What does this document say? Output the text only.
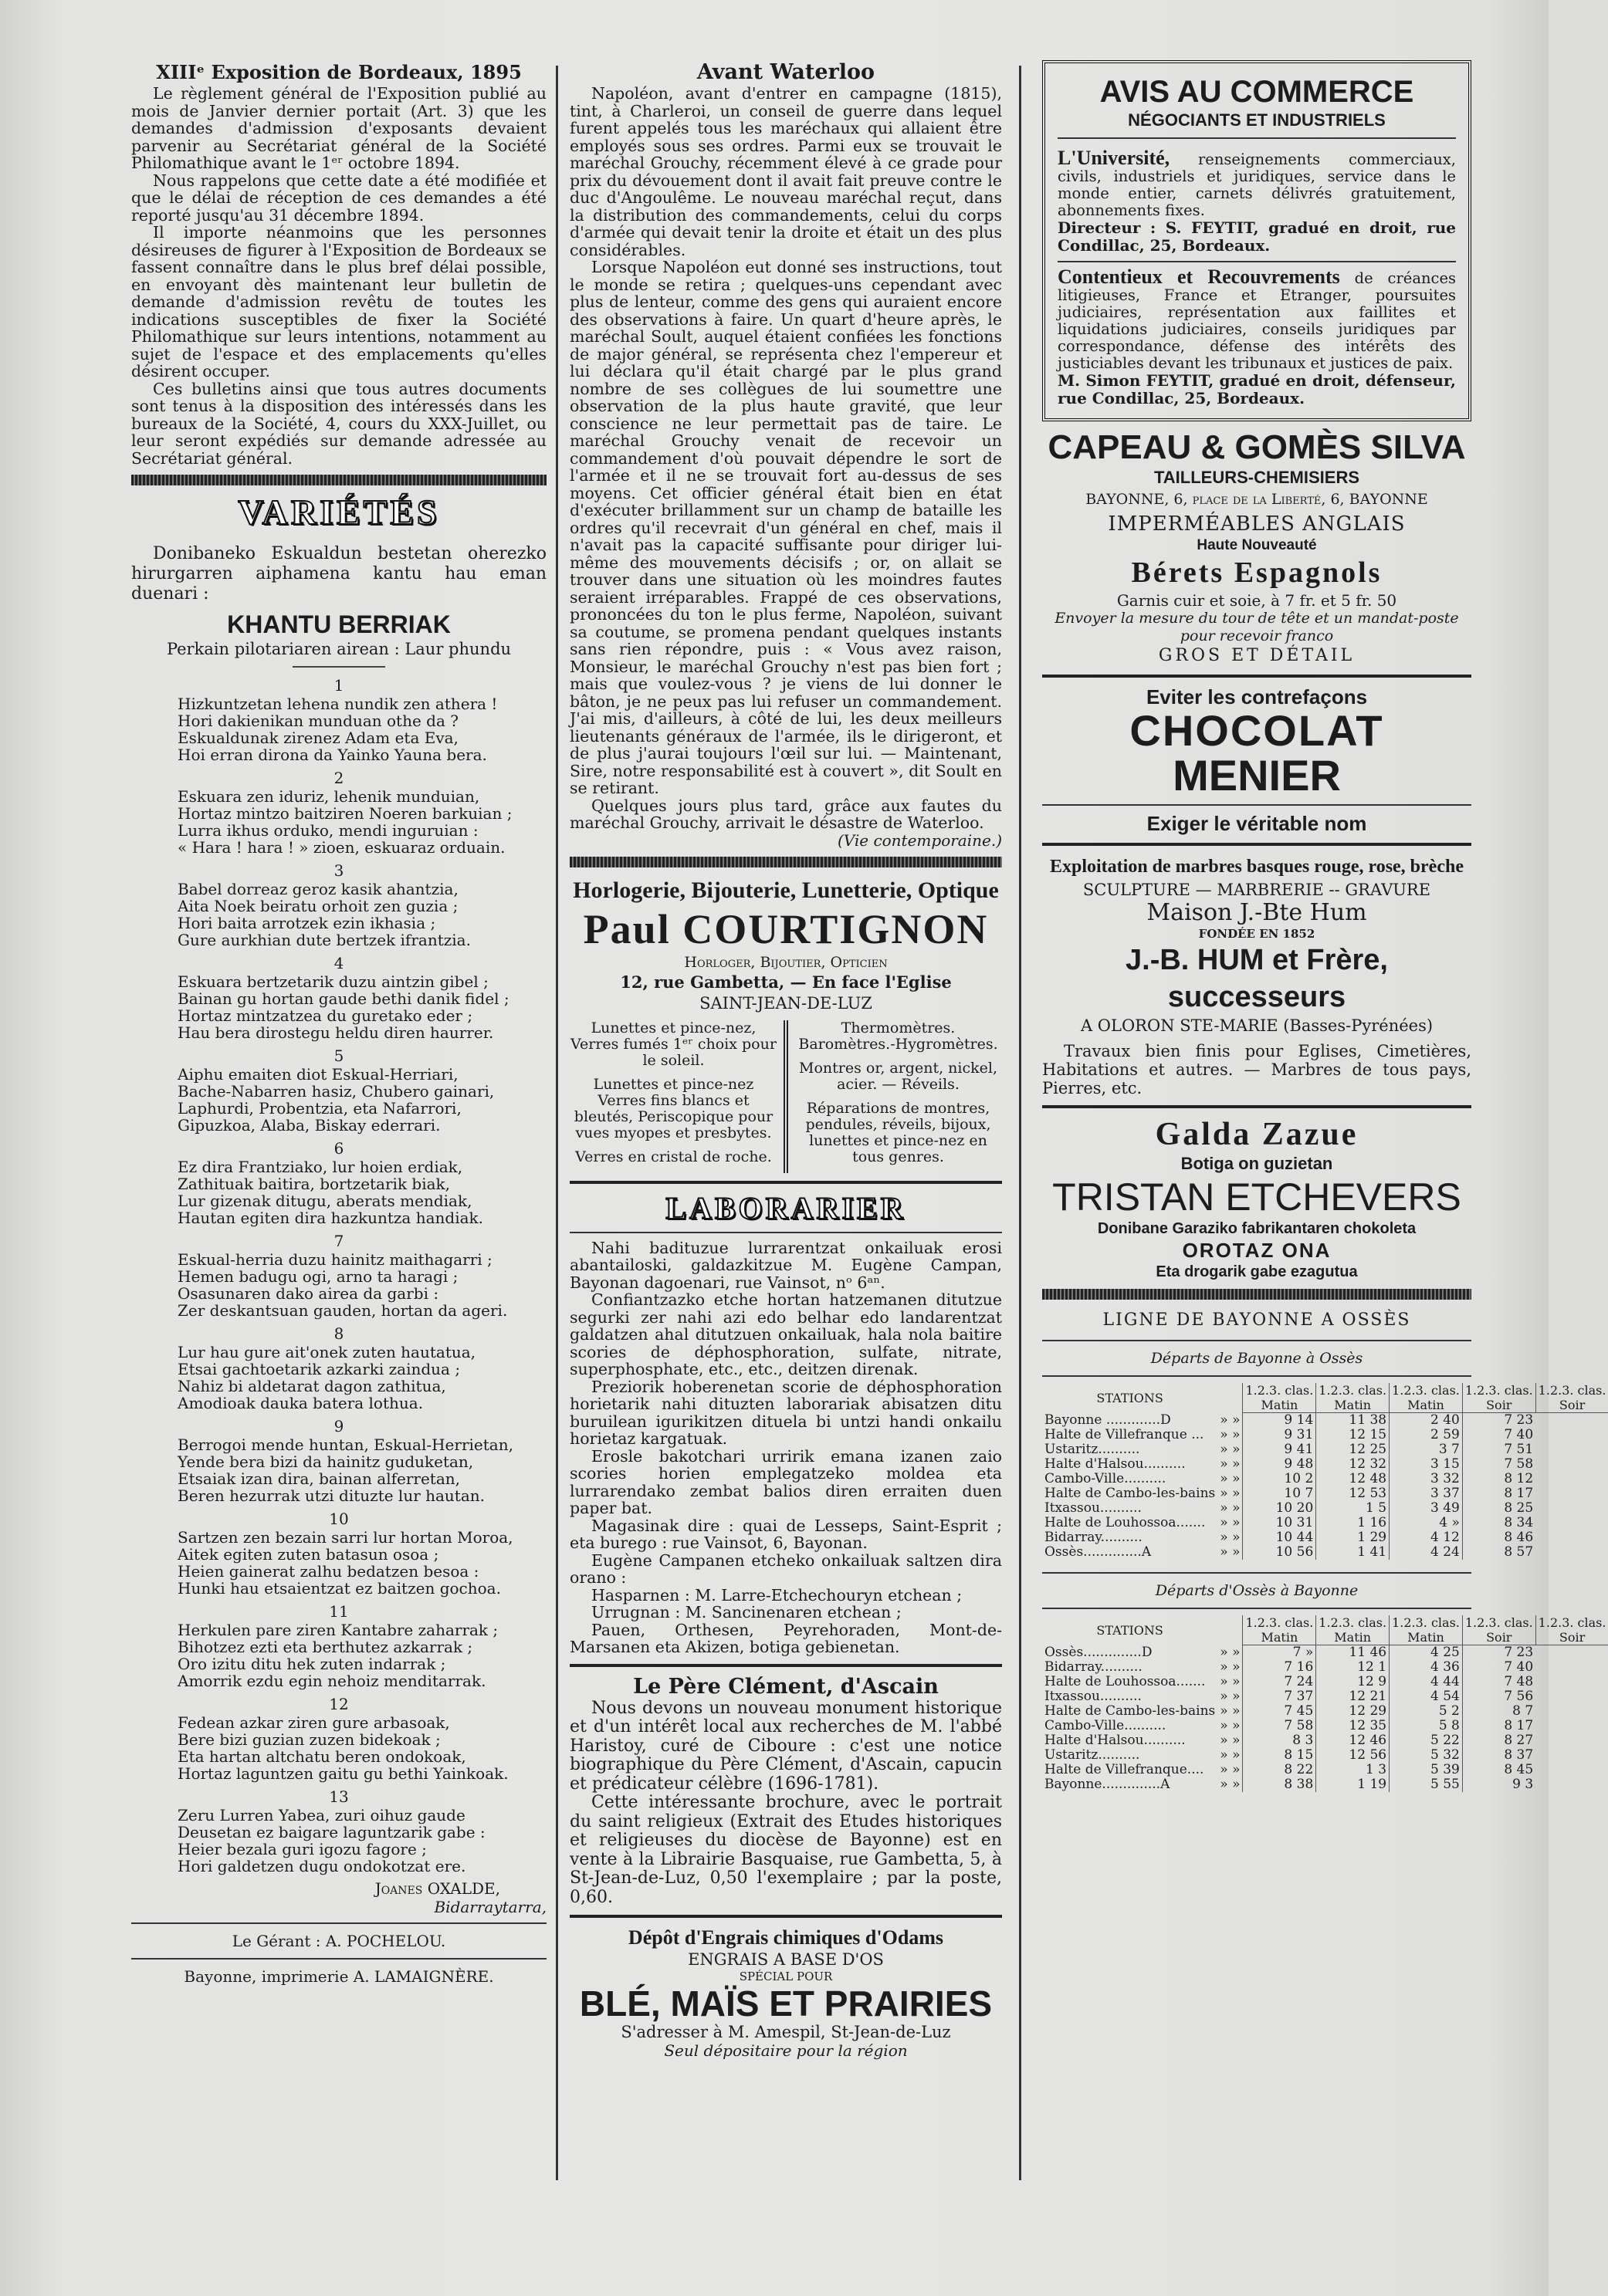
XIIIᵉ Exposition de Bordeaux, 1895

Le règlement général de l'Exposition publié au mois de Janvier dernier portait (Art. 3) que les demandes d'admission d'exposants devaient parvenir au Secrétariat général de la Société Philomathique avant le 1ᵉʳ octobre 1894.

Nous rappelons que cette date a été modifiée et que le délai de réception de ces demandes a été reporté jusqu'au 31 décembre 1894.

Il importe néanmoins que les personnes désireuses de figurer à l'Exposition de Bordeaux se fassent connaître dans le plus bref délai possible, en envoyant dès maintenant leur bulletin de demande d'admission revêtu de toutes les indications susceptibles de fixer la Société Philomathique sur leurs intentions, notamment au sujet de l'espace et des emplacements qu'elles désirent occuper.

Ces bulletins ainsi que tous autres documents sont tenus à la disposition des intéressés dans les bureaux de la Société, 4, cours du XXX-Juillet, ou leur seront expédiés sur demande adressée au Secrétariat général.

VARIÉTÉS

Donibaneko Eskualdun bestetan oherezko hirurgarren aiphamena kantu hau eman duenari :

KHANTU BERRIAK
Perkain pilotariaren airean : Laur phundu
1
Hizkuntzetan lehena nundik zen athera !
Hori dakienikan munduan othe da ?
Eskualdunak zirenez Adam eta Eva,
Hoi erran dirona da Yainko Yauna bera.
2
Eskuara zen iduriz, lehenik munduian,
Hortaz mintzo baitziren Noeren barkuian ;
Lurra ikhus orduko, mendi inguruian :
« Hara ! hara ! » zioen, eskuaraz orduain.
3
Babel dorreaz geroz kasik ahantzia,
Aita Noek beiratu orhoit zen guzia ;
Hori baita arrotzek ezin ikhasia ;
Gure aurkhian dute bertzek ifrantzia.
4
Eskuara bertzetarik duzu aintzin gibel ;
Bainan gu hortan gaude bethi danik fidel ;
Hortaz mintzatzea du guretako eder ;
Hau bera dirostegu heldu diren haurrer.
5
Aiphu emaiten diot Eskual-Herriari,
Bache-Nabarren hasiz, Chubero gainari,
Laphurdi, Probentzia, eta Nafarrori,
Gipuzkoa, Alaba, Biskay ederrari.
6
Ez dira Frantziako, lur hoien erdiak,
Zathituak baitira, bortzetarik biak,
Lur gizenak ditugu, aberats mendiak,
Hautan egiten dira hazkuntza handiak.
7
Eskual-herria duzu hainitz maithagarri ;
Hemen badugu ogi, arno ta haragi ;
Osasunaren dako airea da garbi :
Zer deskantsuan gauden, hortan da ageri.
8
Lur hau gure ait'onek zuten hautatua,
Etsai gachtoetarik azkarki zaindua ;
Nahiz bi aldetarat dagon zathitua,
Amodioak dauka batera lothua.
9
Berrogoi mende huntan, Eskual-Herrietan,
Yende bera bizi da hainitz guduketan,
Etsaiak izan dira, bainan alferretan,
Beren hezurrak utzi dituzte lur hautan.
10
Sartzen zen bezain sarri lur hortan Moroa,
Aitek egiten zuten batasun osoa ;
Heien gainerat zalhu bedatzen besoa :
Hunki hau etsaientzat ez baitzen gochoa.
11
Herkulen pare ziren Kantabre zaharrak ;
Bihotzez ezti eta berthutez azkarrak ;
Oro izitu ditu hek zuten indarrak ;
Amorrik ezdu egin nehoiz menditarrak.
12
Fedean azkar ziren gure arbasoak,
Bere bizi guzian zuzen bidekoak ;
Eta hartan altchatu beren ondokoak,
Hortaz laguntzen gaitu gu bethi Yainkoak.
13
Zeru Lurren Yabea, zuri oihuz gaude
Deusetan ez baigare laguntzarik gabe :
Heier bezala guri igozu fagore ;
Hori galdetzen dugu ondokotzat ere.
Joanes OXALDE,
Bidarraytarra,
Le Gérant : A. POCHELOU.
Bayonne, imprimerie A. LAMAIGNÈRE.
Avant Waterloo

Napoléon, avant d'entrer en campagne (1815), tint, à Charleroi, un conseil de guerre dans lequel furent appelés tous les maréchaux qui allaient être employés sous ses ordres. Parmi eux se trouvait le maréchal Grouchy, récemment élevé à ce grade pour prix du dévouement dont il avait fait preuve contre le duc d'Angoulême. Le nouveau maréchal reçut, dans la distribution des commandements, celui du corps d'armée qui devait tenir la droite et était un des plus considérables.

Lorsque Napoléon eut donné ses instructions, tout le monde se retira ; quelques-uns cependant avec plus de lenteur, comme des gens qui auraient encore des observations à faire. Un quart d'heure après, le maréchal Soult, auquel étaient confiées les fonctions de major général, se représenta chez l'empereur et lui déclara qu'il était chargé par le plus grand nombre de ses collègues de lui soumettre une observation de la plus haute gravité, que leur conscience ne leur permettait pas de taire. Le maréchal Grouchy venait de recevoir un commandement d'où pouvait dépendre le sort de l'armée et il ne se trouvait fort au-dessus de ses moyens. Cet officier général était bien en état d'exécuter brillamment sur un champ de bataille les ordres qu'il recevrait d'un général en chef, mais il n'avait pas la capacité suffisante pour diriger lui-même des mouvements décisifs ; or, on allait se trouver dans une situation où les moindres fautes seraient irréparables. Frappé de ces observations, prononcées du ton le plus ferme, Napoléon, suivant sa coutume, se promena pendant quelques instants sans rien répondre, puis : « Vous avez raison, Monsieur, le maréchal Grouchy n'est pas bien fort ; mais que voulez-vous ? je viens de lui donner le bâton, je ne peux pas lui refuser un commandement. J'ai mis, d'ailleurs, à côté de lui, les deux meilleurs lieutenants généraux de l'armée, ils le dirigeront, et de plus j'aurai toujours l'œil sur lui. — Maintenant, Sire, notre responsabilité est à couvert », dit Soult en se retirant.

Quelques jours plus tard, grâce aux fautes du maréchal Grouchy, arrivait le désastre de Waterloo.

(Vie contemporaine.)
Horlogerie, Bijouterie, Lunetterie, Optique
Paul COURTIGNON
Horloger, Bijoutier, Opticien
12, rue Gambetta, — En face l'Eglise
SAINT-JEAN-DE-LUZ

Lunettes et pince-nez, Verres fumés 1ᵉʳ choix pour le soleil.

Lunettes et pince-nez Verres fins blancs et bleutés, Periscopique pour vues myopes et presbytes.

Verres en cristal de roche.

Thermomètres. Baromètres.-Hygromètres.

Montres or, argent, nickel, acier. — Réveils.

Réparations de montres, pendules, réveils, bijoux, lunettes et pince-nez en tous genres.

LABORARIER

Nahi badituzue lurrarentzat onkailuak erosi abantailoski, galdazkitzue M. Eugène Campan, Bayonan dagoenari, rue Vainsot, nᵒ 6ᵃⁿ.

Confiantzazko etche hortan hatzemanen ditutzue segurki zer nahi azi edo belhar edo landarentzat galdatzen ahal ditutzuen onkailuak, hala nola baitire scories de déphosphoration, sulfate, nitrate, superphosphate, etc., etc., deitzen direnak.

Preziorik hoberenetan scorie de déphosphoration horietarik nahi dituzten laborariak abisatzen ditu buruilean igurikitzen dituela bi untzi handi onkailu horietaz kargatuak.

Erosle bakotchari urririk emana izanen zaio scories horien emplegatzeko moldea eta lurrarendako zembat balios diren erraiten duen paper bat.

Magasinak dire : quai de Lesseps, Saint-Esprit ; eta burego : rue Vainsot, 6, Bayonan.

Eugène Campanen etcheko onkailuak saltzen dira orano :

Hasparnen : M. Larre-Etchechouryn etchean ;

Urrugnan : M. Sancinenaren etchean ;

Pauen, Orthesen, Peyrehoraden, Mont-de-Marsanen eta Akizen, botiga gebienetan.

Le Père Clément, d'Ascain

Nous devons un nouveau monument historique et d'un intérêt local aux recherches de M. l'abbé Haristoy, curé de Ciboure : c'est une notice biographique du Père Clément, d'Ascain, capucin et prédicateur célèbre (1696-1781).

Cette intéressante brochure, avec le portrait du saint religieux (Extrait des Etudes historiques et religieuses du diocèse de Bayonne) est en vente à la Librairie Basquaise, rue Gambetta, 5, à St-Jean-de-Luz, 0,50 l'exemplaire ; par la poste, 0,60.

Dépôt d'Engrais chimiques d'Odams
ENGRAIS A BASE D'OS
SPÉCIAL POUR
BLÉ, MAÏS ET PRAIRIES
S'adresser à M. Amespil, St-Jean-de-Luz
Seul dépositaire pour la région
AVIS AU COMMERCE
NÉGOCIANTS ET INDUSTRIELS

L'Université, renseignements commerciaux, civils, industriels et juridiques, service dans le monde entier, carnets délivrés gratuitement, abonnements fixes.

Directeur : S. FEYTIT, gradué en droit, rue Condillac, 25, Bordeaux.

Contentieux et Recouvrements de créances litigieuses, France et Etranger, poursuites judiciaires, représentation aux faillites et liquidations judiciaires, conseils juridiques par correspondance, défense des intérêts des justiciables devant les tribunaux et justices de paix.

M. Simon FEYTIT, gradué en droit, défenseur, rue Condillac, 25, Bordeaux.

CAPEAU & GOMÈS SILVA
TAILLEURS-CHEMISIERS
BAYONNE, 6, place de la Liberté, 6, BAYONNE
IMPERMÉABLES ANGLAIS
Haute Nouveauté
Bérets Espagnols
Garnis cuir et soie, à 7 fr. et 5 fr. 50
Envoyer la mesure du tour de tête et un mandat-poste pour recevoir franco
GROS ET DÉTAIL
Eviter les contrefaçons
CHOCOLAT
MENIER
Exiger le véritable nom
Exploitation de marbres basques rouge, rose, brèche
SCULPTURE — MARBRERIE -- GRAVURE
Maison J.-Bte Hum
FONDÉE EN 1852
J.-B. HUM et Frère, successeurs
A OLORON STE-MARIE (Basses-Pyrénées)

Travaux bien finis pour Eglises, Cimetières, Habitations et autres. — Marbres de tous pays, Pierres, etc.

Galda Zazue
Botiga on guzietan
TRISTAN ETCHEVERS
Donibane Garaziko fabrikantaren chokoleta
OROTAZ ONA
Eta drogarik gabe ezagutua
LIGNE DE BAYONNE A OSSÈS
Départs de Bayonne à Ossès
STATIONS		1.2.3. clas.	1.2.3. clas.	1.2.3. clas.	1.2.3. clas.	1.2.3. clas.
		Matin	Matin	Matin	Soir	Soir
Bayonne .............D	» »	9 14	11 38	2 40	7 23	
Halte de Villefranque ...	» »	9 31	12 15	2 59	7 40	
Ustaritz..........	» »	9 41	12 25	3 7	7 51	
Halte d'Halsou..........	» »	9 48	12 32	3 15	7 58	
Cambo-Ville..........	» »	10 2	12 48	3 32	8 12	
Halte de Cambo-les-bains	» »	10 7	12 53	3 37	8 17	
Itxassou..........	» »	10 20	1 5	3 49	8 25	
Halte de Louhossoa.......	» »	10 31	1 16	4 »	8 34	
Bidarray..........	» »	10 44	1 29	4 12	8 46	
Ossès..............A	» »	10 56	1 41	4 24	8 57	
Départs d'Ossès à Bayonne
STATIONS		1.2.3. clas.	1.2.3. clas.	1.2.3. clas.	1.2.3. clas.	1.2.3. clas.
		Matin	Matin	Matin	Soir	Soir
Ossès..............D	» »	7 »	11 46	4 25	7 23	
Bidarray..........	» »	7 16	12 1	4 36	7 40	
Halte de Louhossoa.......	» »	7 24	12 9	4 44	7 48	
Itxassou..........	» »	7 37	12 21	4 54	7 56	
Halte de Cambo-les-bains	» »	7 45	12 29	5 2	8 7	
Cambo-Ville..........	» »	7 58	12 35	5 8	8 17	
Halte d'Halsou..........	» »	8 3	12 46	5 22	8 27	
Ustaritz..........	» »	8 15	12 56	5 32	8 37	
Halte de Villefranque....	» »	8 22	1 3	5 39	8 45	
Bayonne..............A	» »	8 38	1 19	5 55	9 3	
